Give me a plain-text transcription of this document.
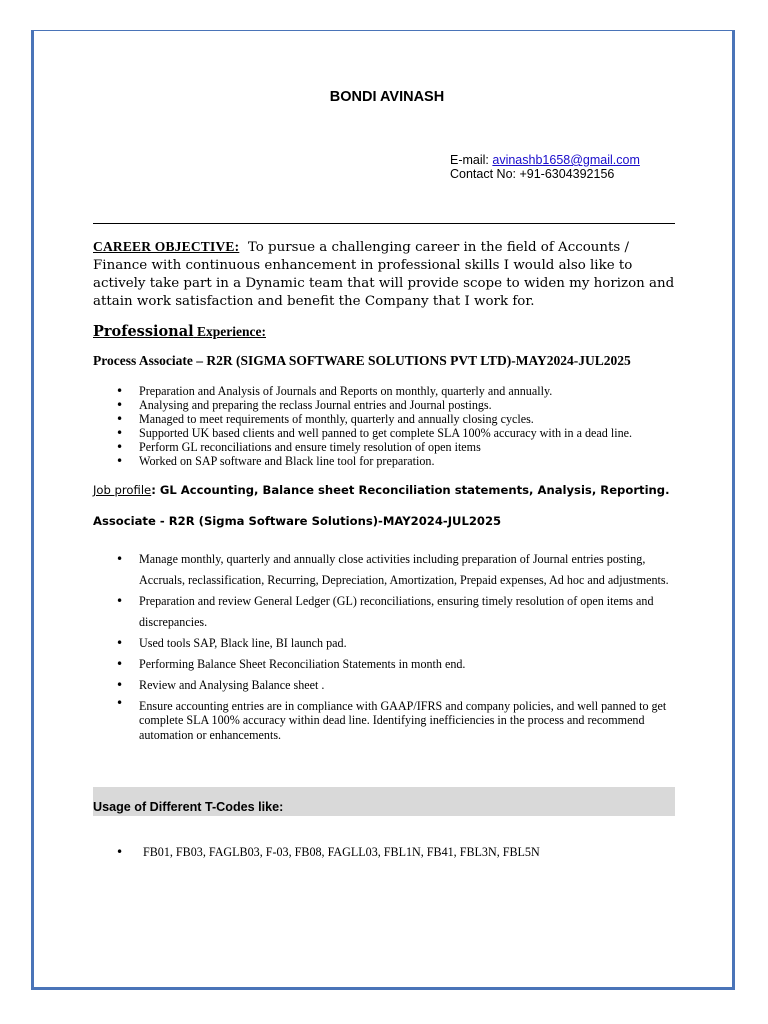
BONDI AVINASH
E-mail: avinashb1658@gmail.com
Contact No: +91-6304392156
CAREER OBJECTIVE: To pursue a challenging career in the field of Accounts / Finance with continuous enhancement in professional skills I would also like to actively take part in a Dynamic team that will provide scope to widen my horizon and attain work satisfaction and benefit the Company that I work for.
Professional Experience:
Process Associate – R2R (SIGMA SOFTWARE SOLUTIONS PVT LTD)-MAY2024-JUL2025
• Preparation and Analysis of Journals and Reports on monthly, quarterly and annually.
• Analysing and preparing the reclass Journal entries and Journal postings.
• Managed to meet requirements of monthly, quarterly and annually closing cycles.
• Supported UK based clients and well panned to get complete SLA 100% accuracy with in a dead line.
• Perform GL reconciliations and ensure timely resolution of open items
• Worked on SAP software and Black line tool for preparation.
Job profile: GL Accounting, Balance sheet Reconciliation statements, Analysis, Reporting.
Associate - R2R (Sigma Software Solutions)-MAY2024-JUL2025
• Manage monthly, quarterly and annually close activities including preparation of Journal entries posting, Accruals, reclassification, Recurring, Depreciation, Amortization, Prepaid expenses, Ad hoc and adjustments.
• Preparation and review General Ledger (GL) reconciliations, ensuring timely resolution of open items and discrepancies.
• Used tools SAP, Black line, BI launch pad.
• Performing Balance Sheet Reconciliation Statements in month end.
• Review and Analysing Balance sheet .
• Ensure accounting entries are in compliance with GAAP/IFRS and company policies, and well panned to get complete SLA 100% accuracy within dead line. Identifying inefficiencies in the process and recommend automation or enhancements.
Usage of Different T-Codes like:
• FB01, FB03, FAGLB03, F-03, FB08, FAGLL03, FBL1N, FB41, FBL3N, FBL5N
